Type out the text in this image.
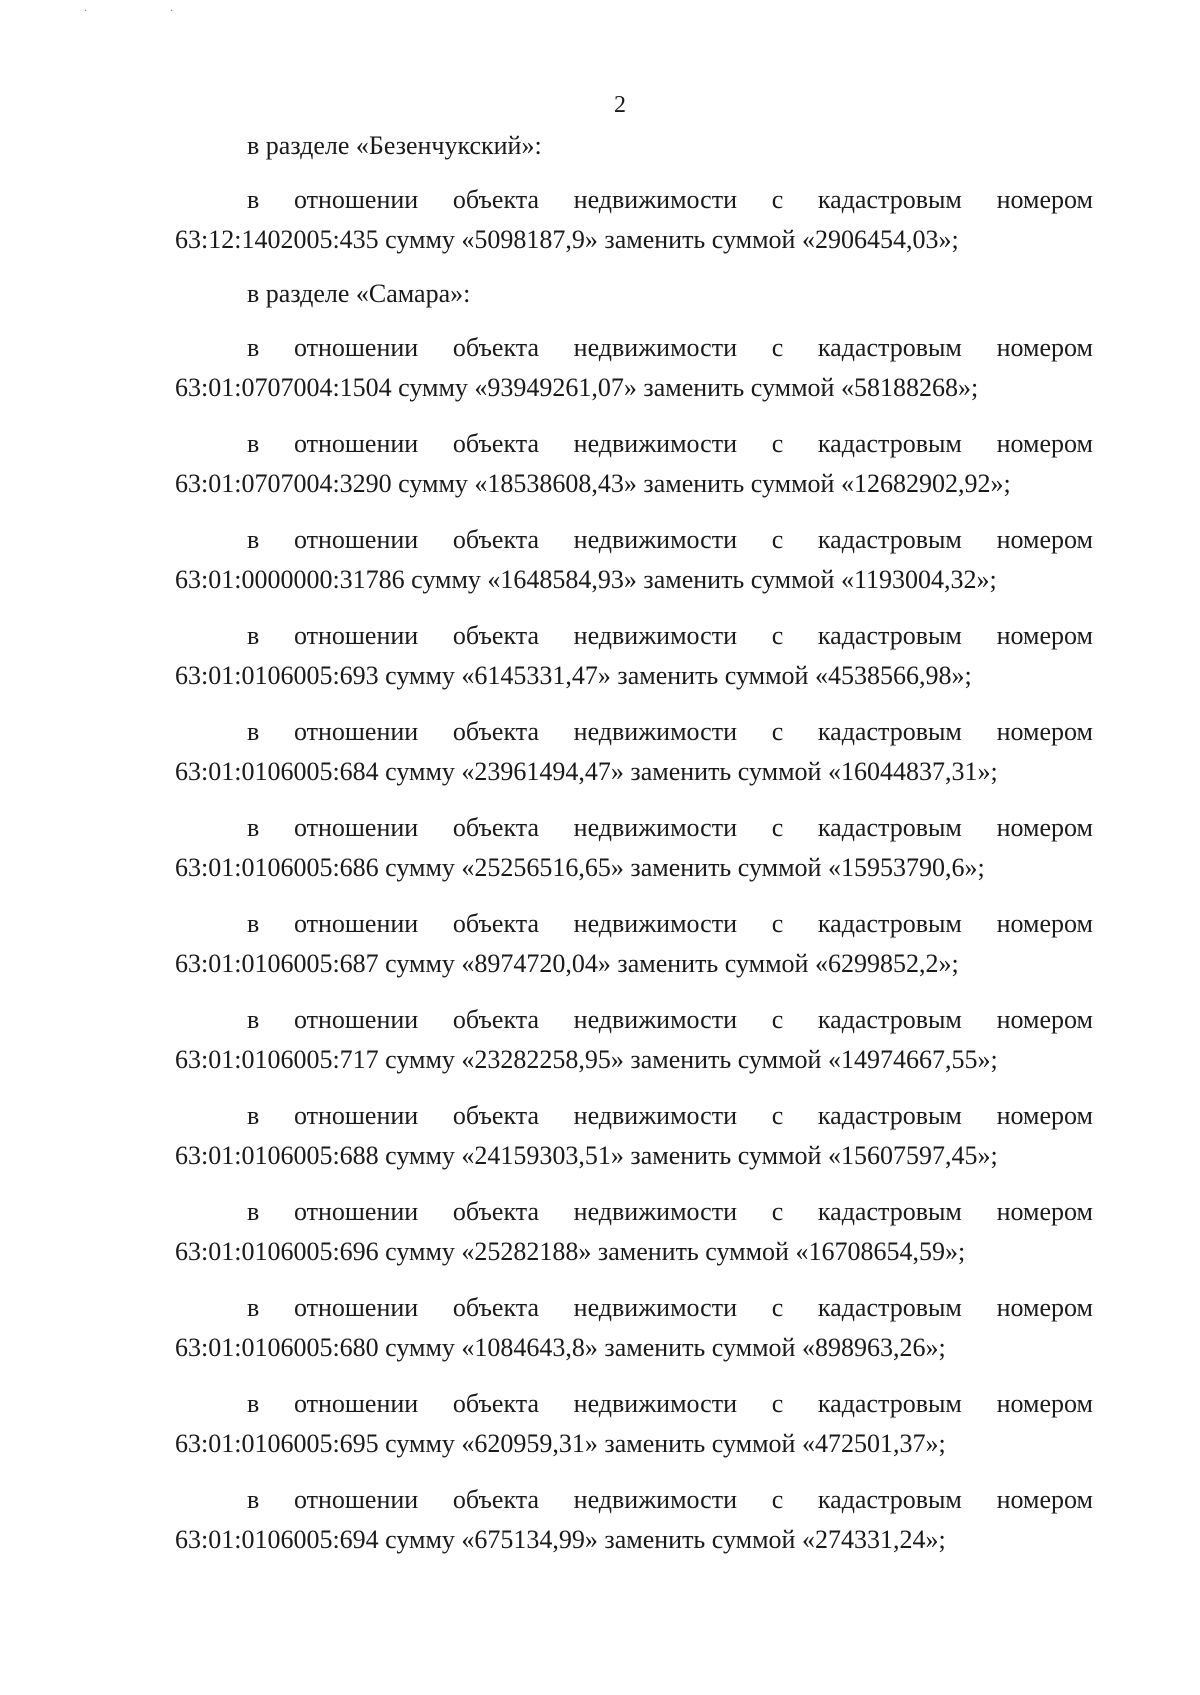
· ·
2
в разделе «Безенчукский»:
в отношении объекта недвижимости с кадастровым номером
63:12:1402005:435 сумму «5098187,9» заменить суммой «2906454,03»;
в разделе «Самара»:
в отношении объекта недвижимости с кадастровым номером
63:01:0707004:1504 сумму «93949261,07» заменить суммой «58188268»;
в отношении объекта недвижимости с кадастровым номером
63:01:0707004:3290 сумму «18538608,43» заменить суммой «12682902,92»;
в отношении объекта недвижимости с кадастровым номером
63:01:0000000:31786 сумму «1648584,93» заменить суммой «1193004,32»;
в отношении объекта недвижимости с кадастровым номером
63:01:0106005:693 сумму «6145331,47» заменить суммой «4538566,98»;
в отношении объекта недвижимости с кадастровым номером
63:01:0106005:684 сумму «23961494,47» заменить суммой «16044837,31»;
в отношении объекта недвижимости с кадастровым номером
63:01:0106005:686 сумму «25256516,65» заменить суммой «15953790,6»;
в отношении объекта недвижимости с кадастровым номером
63:01:0106005:687 сумму «8974720,04» заменить суммой «6299852,2»;
в отношении объекта недвижимости с кадастровым номером
63:01:0106005:717 сумму «23282258,95» заменить суммой «14974667,55»;
в отношении объекта недвижимости с кадастровым номером
63:01:0106005:688 сумму «24159303,51» заменить суммой «15607597,45»;
в отношении объекта недвижимости с кадастровым номером
63:01:0106005:696 сумму «25282188» заменить суммой «16708654,59»;
в отношении объекта недвижимости с кадастровым номером
63:01:0106005:680 сумму «1084643,8» заменить суммой «898963,26»;
в отношении объекта недвижимости с кадастровым номером
63:01:0106005:695 сумму «620959,31» заменить суммой «472501,37»;
в отношении объекта недвижимости с кадастровым номером
63:01:0106005:694 сумму «675134,99» заменить суммой «274331,24»;
